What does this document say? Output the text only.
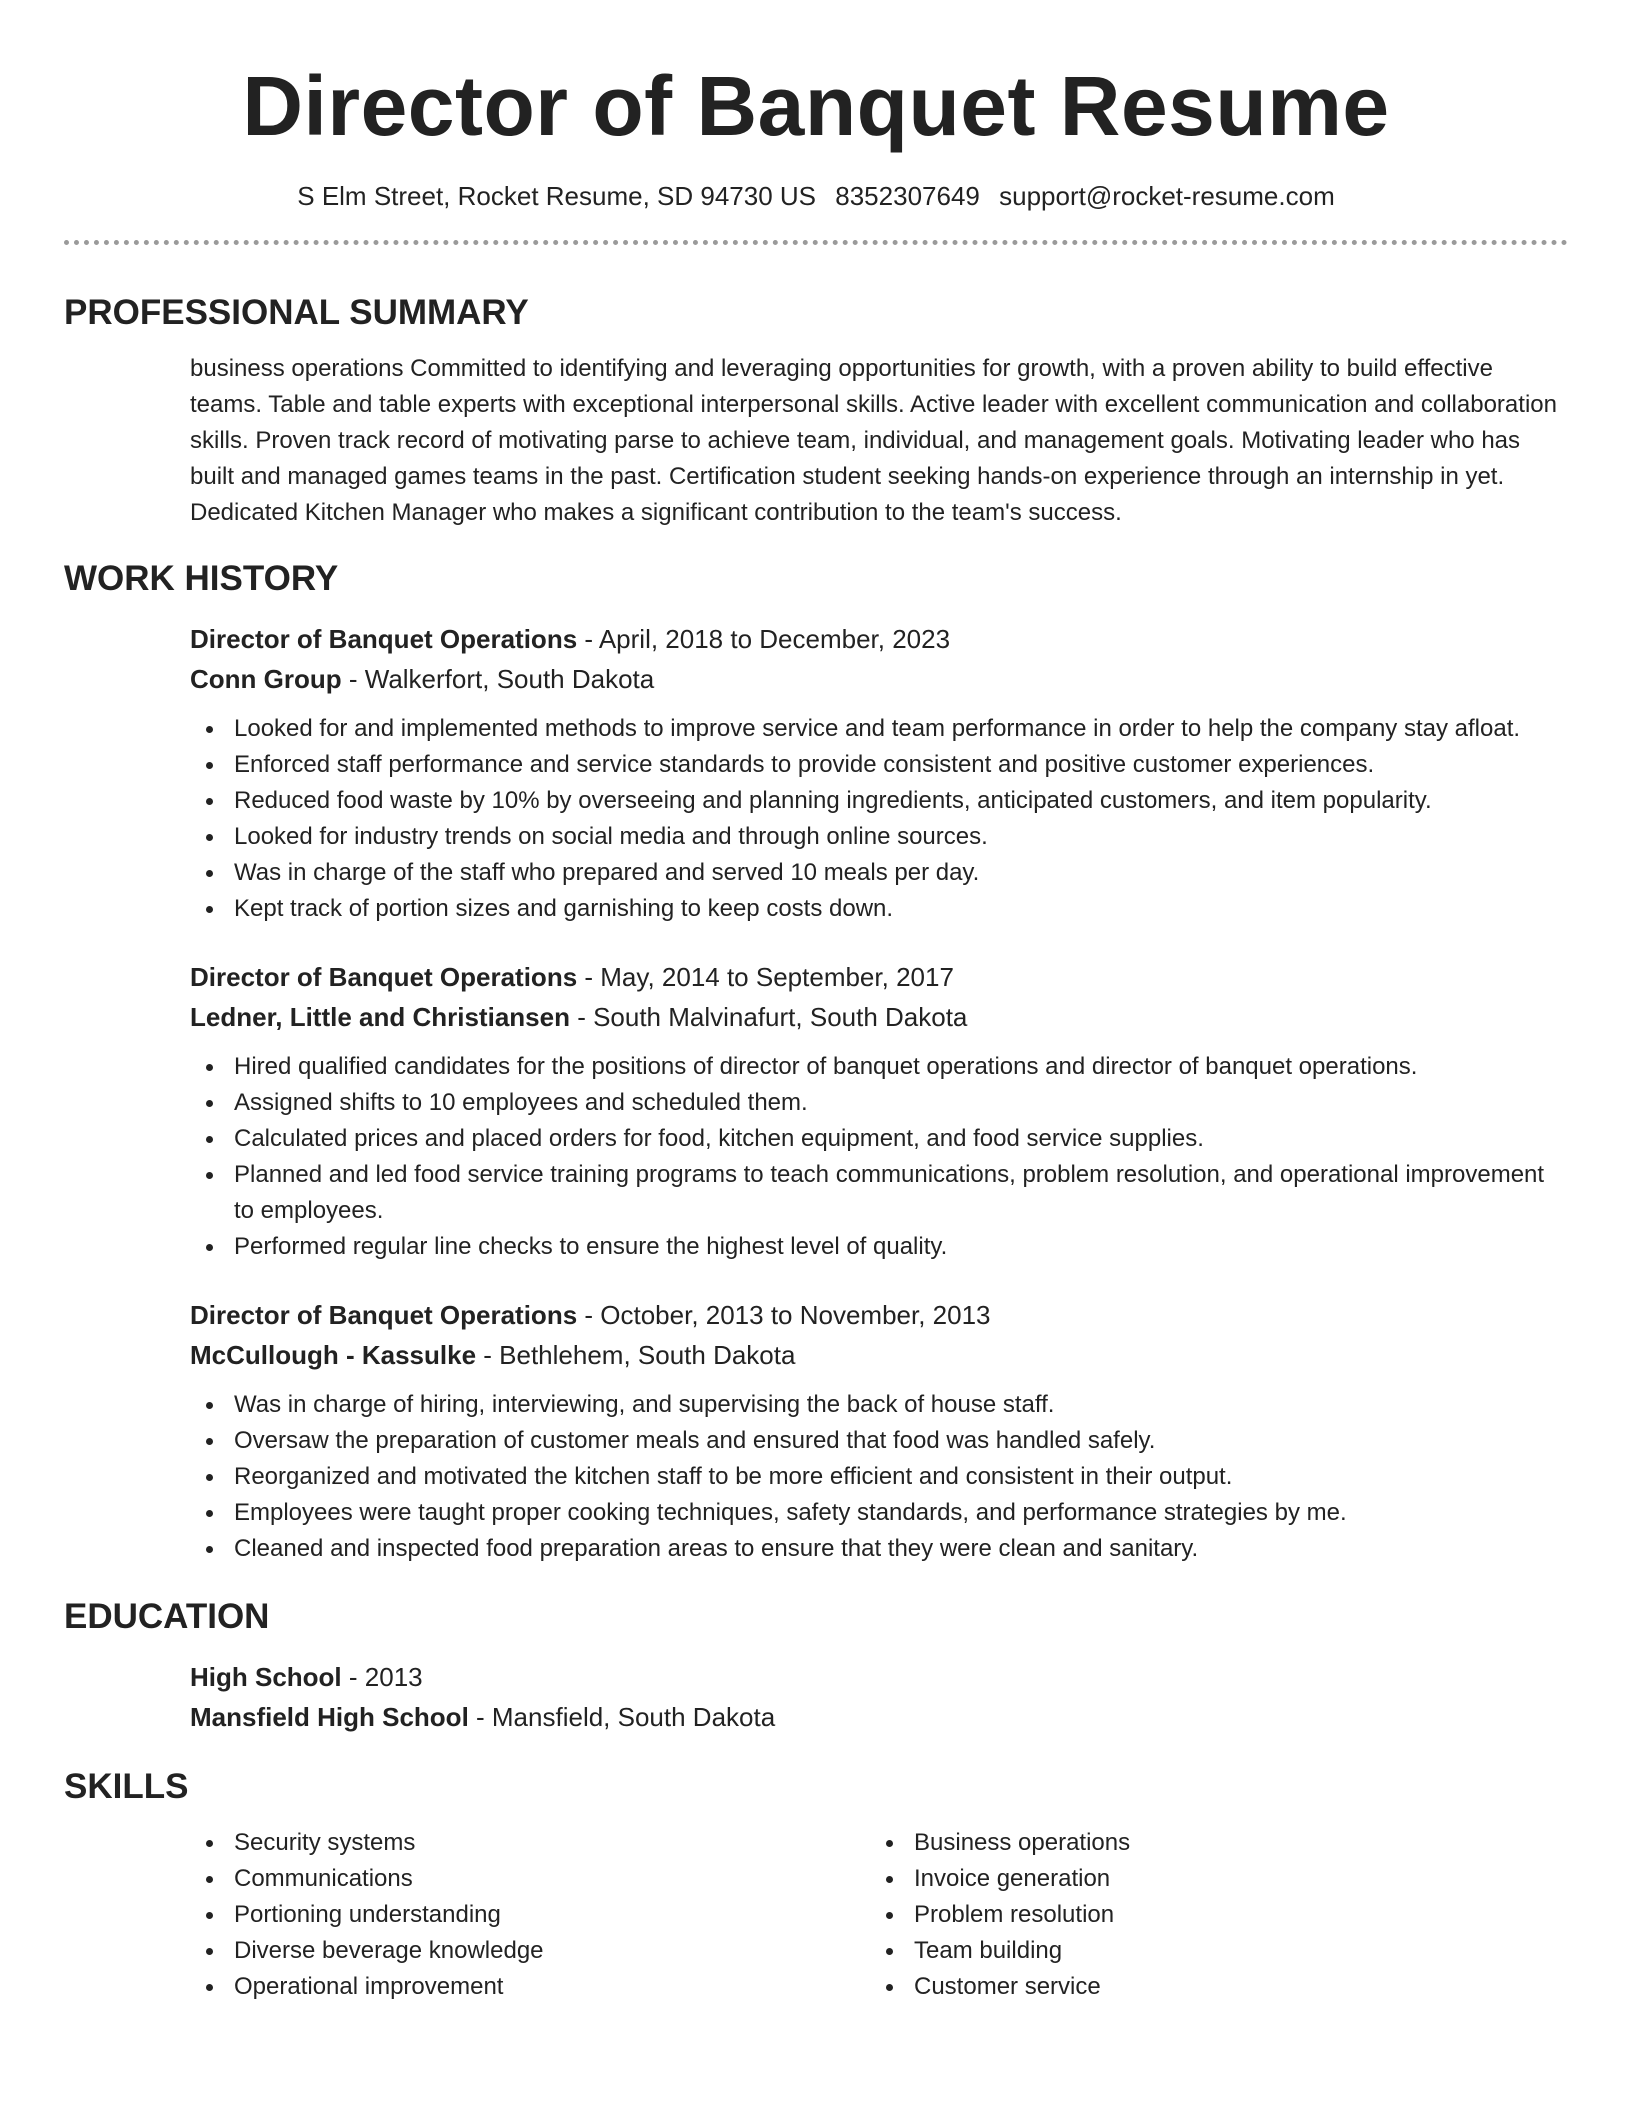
Director of Banquet Resume
S Elm Street, Rocket Resume, SD 94730 US 8352307649 support@rocket-resume.com
PROFESSIONAL SUMMARY

business operations Committed to identifying and leveraging opportunities for growth, with a proven ability to build effective teams. Table and table experts with exceptional interpersonal skills. Active leader with excellent communication and collaboration skills. Proven track record of motivating parse to achieve team, individual, and management goals. Motivating leader who has built and managed games teams in the past. Certification student seeking hands-on experience through an internship in yet. Dedicated Kitchen Manager who makes a significant contribution to the team's success.

WORK HISTORY

Director of Banquet Operations - April, 2018 to December, 2023

Conn Group - Walkerfort, South Dakota

Looked for and implemented methods to improve service and team performance in order to help the company stay afloat.
Enforced staff performance and service standards to provide consistent and positive customer experiences.
Reduced food waste by 10% by overseeing and planning ingredients, anticipated customers, and item popularity.
Looked for industry trends on social media and through online sources.
Was in charge of the staff who prepared and served 10 meals per day.
Kept track of portion sizes and garnishing to keep costs down.

Director of Banquet Operations - May, 2014 to September, 2017

Ledner, Little and Christiansen - South Malvinafurt, South Dakota

Hired qualified candidates for the positions of director of banquet operations and director of banquet operations.
Assigned shifts to 10 employees and scheduled them.
Calculated prices and placed orders for food, kitchen equipment, and food service supplies.
Planned and led food service training programs to teach communications, problem resolution, and operational improvement to employees.
Performed regular line checks to ensure the highest level of quality.

Director of Banquet Operations - October, 2013 to November, 2013

McCullough - Kassulke - Bethlehem, South Dakota

Was in charge of hiring, interviewing, and supervising the back of house staff.
Oversaw the preparation of customer meals and ensured that food was handled safely.
Reorganized and motivated the kitchen staff to be more efficient and consistent in their output.
Employees were taught proper cooking techniques, safety standards, and performance strategies by me.
Cleaned and inspected food preparation areas to ensure that they were clean and sanitary.
EDUCATION

High School - 2013

Mansfield High School - Mansfield, South Dakota

SKILLS
Security systems
Communications
Portioning understanding
Diverse beverage knowledge
Operational improvement
Business operations
Invoice generation
Problem resolution
Team building
Customer service
